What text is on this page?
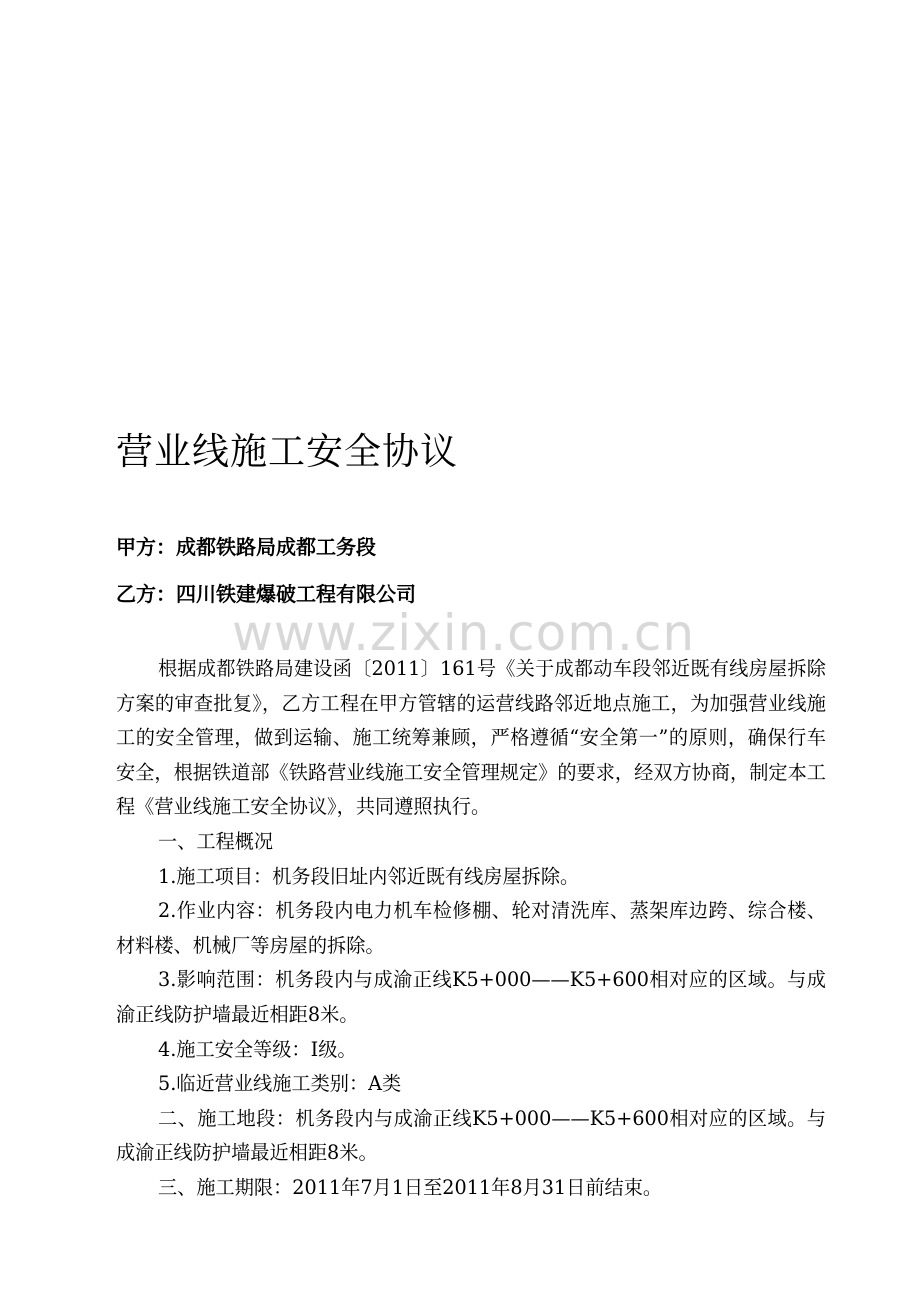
营业线施工安全协议
甲方：成都铁路局成都工务段
乙方：四川铁建爆破工程有限公司
www.zixin.com.cn

根据成都铁路局建设函〔2011〕161号《关于成都动车段邻近既有线房屋拆除方案的审查批复》，乙方工程在甲方管辖的运营线路邻近地点施工，为加强营业线施工的安全管理，做到运输、施工统筹兼顾，严格遵循“安全第一”的原则，确保行车安全，根据铁道部《铁路营业线施工安全管理规定》的要求，经双方协商，制定本工程《营业线施工安全协议》，共同遵照执行。

一、工程概况

1.施工项目：机务段旧址内邻近既有线房屋拆除。

2.作业内容：机务段内电力机车检修棚、轮对清洗库、蒸架库边跨、综合楼、材料楼、机械厂等房屋的拆除。

3.影响范围：机务段内与成渝正线K5+000——K5+600相对应的区域。与成渝正线防护墙最近相距8米。

4.施工安全等级：Ⅰ级。

5.临近营业线施工类别：A类

二、施工地段：机务段内与成渝正线K5+000——K5+600相对应的区域。与成渝正线防护墙最近相距8米。

三、施工期限：2011年7月1日至2011年8月31日前结束。
